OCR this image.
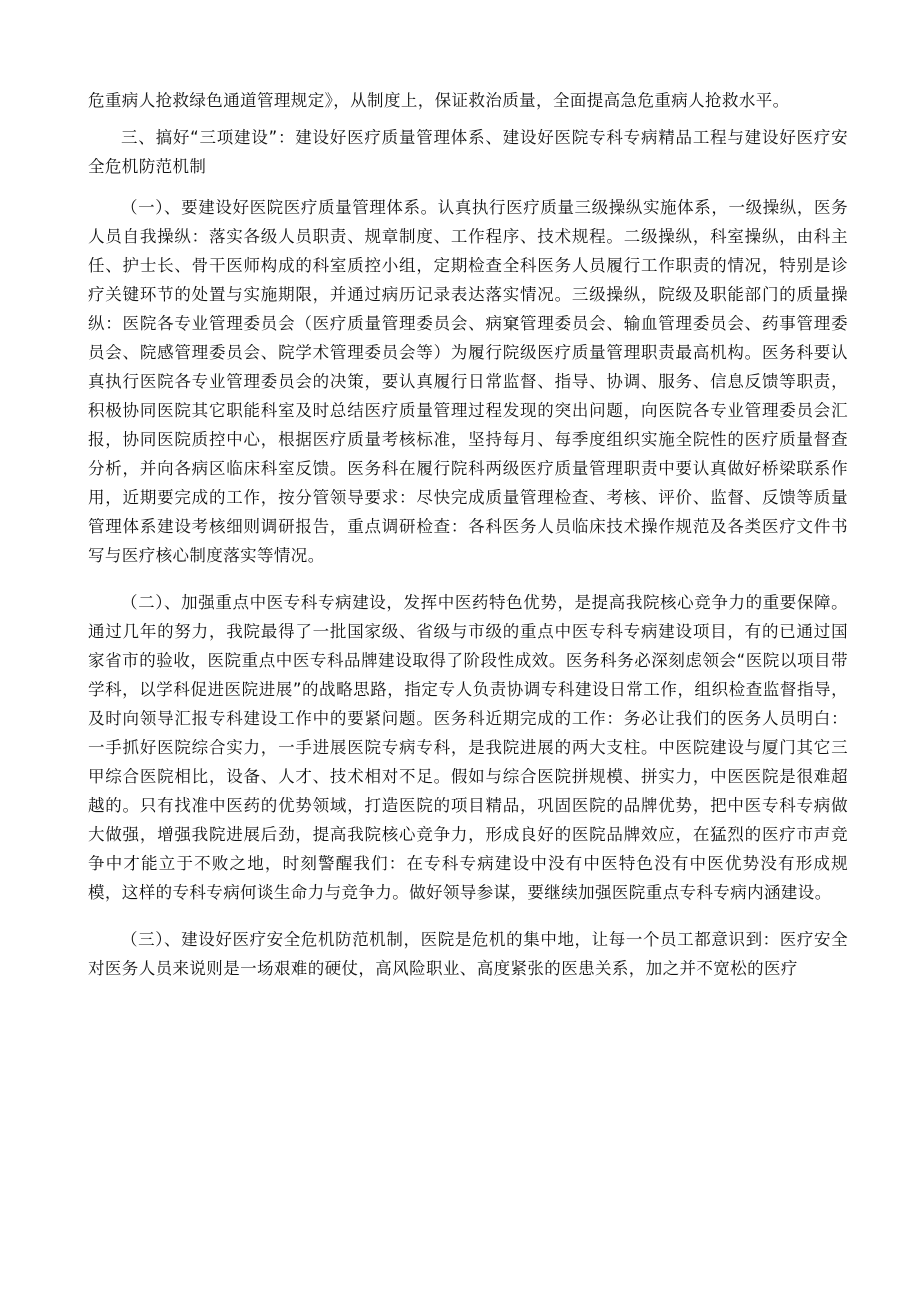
危重病人抢救绿色通道管理规定》，从制度上，保证救治质量，全面提高急危重病人抢救水平。

三、搞好“三项建设”：建设好医疗质量管理体系、建设好医院专科专病精品工程与建设好医疗安全危机防范机制

（一）、要建设好医院医疗质量管理体系。认真执行医疗质量三级操纵实施体系，一级操纵，医务人员自我操纵：落实各级人员职责、规章制度、工作程序、技术规程。二级操纵，科室操纵，由科主任、护士长、骨干医师构成的科室质控小组，定期检查全科医务人员履行工作职责的情况，特别是诊疗关键环节的处置与实施期限，并通过病历记录表达落实情况。三级操纵，院级及职能部门的质量操纵：医院各专业管理委员会（医疗质量管理委员会、病窠管理委员会、输血管理委员会、药事管理委员会、院感管理委员会、院学术管理委员会等）为履行院级医疗质量管理职责最高机构。医务科要认真执行医院各专业管理委员会的决策，要认真履行日常监督、指导、协调、服务、信息反馈等职责，积极协同医院其它职能科室及时总结医疗质量管理过程发现的突出问题，向医院各专业管理委员会汇报，协同医院质控中心，根据医疗质量考核标准，坚持每月、每季度组织实施全院性的医疗质量督查分析，并向各病区临床科室反馈。医务科在履行院科两级医疗质量管理职责中要认真做好桥梁联系作用，近期要完成的工作，按分管领导要求：尽快完成质量管理检查、考核、评价、监督、反馈等质量管理体系建设考核细则调研报告，重点调研检查：各科医务人员临床技术操作规范及各类医疗文件书写与医疗核心制度落实等情况。

（二）、加强重点中医专科专病建设，发挥中医药特色优势，是提高我院核心竞争力的重要保障。通过几年的努力，我院最得了一批国家级、省级与市级的重点中医专科专病建设项目，有的已通过国家省市的验收，医院重点中医专科品牌建设取得了阶段性成效。医务科务必深刻虑领会“医院以项目带学科，以学科促进医院进展”的战略思路，指定专人负责协调专科建设日常工作，组织检查监督指导，及时向领导汇报专科建设工作中的要紧问题。医务科近期完成的工作：务必让我们的医务人员明白：一手抓好医院综合实力，一手进展医院专病专科，是我院进展的两大支柱。中医院建设与厦门其它三甲综合医院相比，设备、人才、技术相对不足。假如与综合医院拼规模、拼实力，中医医院是很难超越的。只有找准中医药的优势领域，打造医院的项目精品，巩固医院的品牌优势，把中医专科专病做大做强，增强我院进展后劲，提高我院核心竞争力，形成良好的医院品牌效应，在猛烈的医疗市声竞争中才能立于不败之地，时刻警醒我们：在专科专病建设中没有中医特色没有中医优势没有形成规模，这样的专科专病何谈生命力与竞争力。做好领导参谋，要继续加强医院重点专科专病内涵建设。

（三）、建设好医疗安全危机防范机制，医院是危机的集中地，让每一个员工都意识到：医疗安全对医务人员来说则是一场艰难的硬仗，高风险职业、高度紧张的医患关系，加之并不宽松的医疗
